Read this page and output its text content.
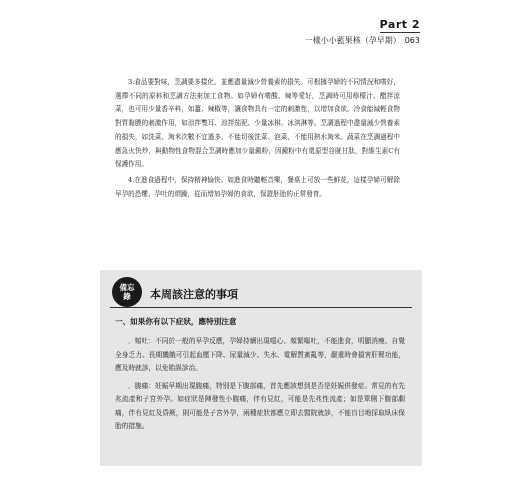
Part 2
一樣小小藍果核（孕早期） 063

3.食品要對味，烹調要多樣化，並應盡量減少營養素的損失。可根據孕婦的不同情況和嗜好，選擇不同的原料和烹調方法來加工食物。如孕婦有嗜酸、辣等愛好，烹調時可用檸檬汁、醋拌涼菜，也可用少量香辛料，如薑、辣椒等，讓食物具有一定的刺激性，以增加食欲。冷食能減輕食物對胃黏膜的刺激作用，如涼拌雙耳、涼拌茄泥、少量冰棋、冰淇淋等。烹調過程中盡量減少營養素的損失，如洗菜、淘米次數不宜過多，不能切後洗菜、泡菜，不能用熱水淘米。蔬菜在烹調過程中應急火快炒，與動物性食物混合烹調時應加少量澱粉，因澱粉中有還原型谷胱甘肽，對維生素C有保護作用。

4.在進食過程中，保持精神愉快。如進食時聽輕音樂，餐桌上可放一些鮮花，這樣孕婦可解除早孕的恐懼、孕吐的煩躁，從而增加孕婦的食欲，保證胚胎的正常發育。

備忘錄	本周該注意的事項
一、如果你有以下症狀，應特別注意

．頻吐：不同於一般的早孕反應，孕婦持續出現噁心、頻繁嘔吐，不能進食，明顯消瘦、自覺全身乏力。長期饑餓可引起血壓下降、尿量減少、失水、電解質紊亂等，嚴重時會損害肝腎功能，應及時就診，以免貽誤診治。

．腹痛：妊娠早期出現腹痛，特別是下腹部痛，首先應該想到是否是妊娠併發症。常見的有先兆流產和子宮外孕。如症狀是陣發性小腹痛，伴有見紅，可能是先兆性流產；如是單側下腹部劇痛，伴有見紅及昏厥，則可能是子宮外孕，兩種症狀都應立即去醫院就診，不能盲目地採取臥床保胎的措施。
